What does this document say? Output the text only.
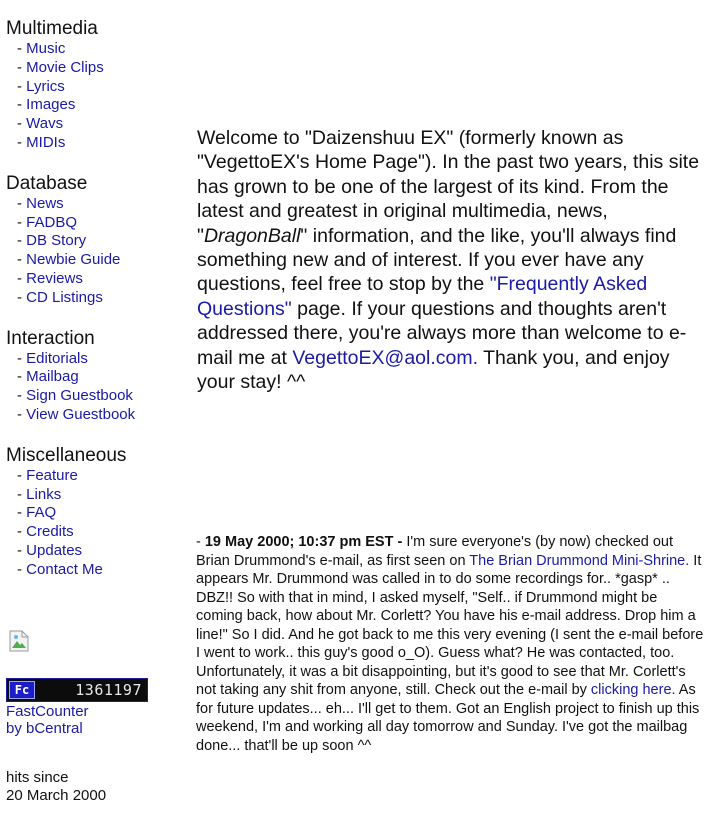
Multimedia
- Music
- Movie Clips
- Lyrics
- Images
- Wavs
- MIDIs
Database
- News
- FADBQ
- DB Story
- Newbie Guide
- Reviews
- CD Listings
Interaction
- Editorials
- Mailbag
- Sign Guestbook
- View Guestbook
Miscellaneous
- Feature
- Links
- FAQ
- Credits
- Updates
- Contact Me
Fc	1361197
FastCounter
by bCentral
hits since
20 March 2000

Welcome to "Daizenshuu EX" (formerly known as "VegettoEX's Home Page"). In the past two years, this site has grown to be one of the largest of its kind. From the latest and greatest in original multimedia, news, "DragonBall" information, and the like, you'll always find something new and of interest. If you ever have any questions, feel free to stop by the "Frequently Asked Questions" page. If your questions and thoughts aren't addressed there, you're always more than welcome to e-mail me at VegettoEX@aol.com. Thank you, and enjoy your stay! ^^

- 19 May 2000; 10:37 pm EST - I'm sure everyone's (by now) checked out Brian Drummond's e-mail, as first seen on The Brian Drummond Mini-Shrine. It appears Mr. Drummond was called in to do some recordings for.. *gasp* .. DBZ!! So with that in mind, I asked myself, "Self.. if Drummond might be coming back, how about Mr. Corlett? You have his e-mail address. Drop him a line!" So I did. And he got back to me this very evening (I sent the e-mail before I went to work.. this guy's good o_O). Guess what? He was contacted, too. Unfortunately, it was a bit disappointing, but it's good to see that Mr. Corlett's not taking any shit from anyone, still. Check out the e-mail by clicking here. As for future updates... eh... I'll get to them. Got an English project to finish up this weekend, I'm and working all day tomorrow and Sunday. I've got the mailbag done... that'll be up soon ^^
